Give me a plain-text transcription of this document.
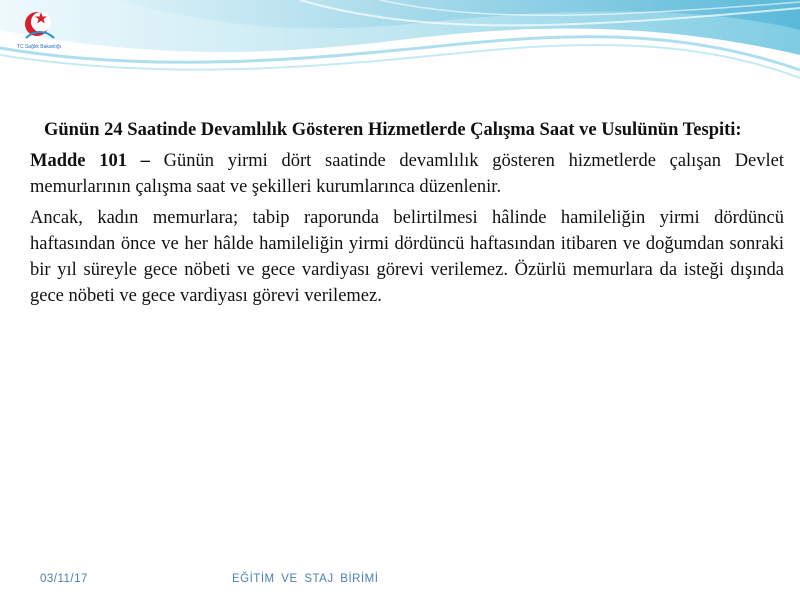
TC Sağlık Bakanlığı

Günün 24 Saatinde Devamlılık Gösteren Hizmetlerde Çalışma Saat ve Usulünün Tespiti:

Madde 101 – Günün yirmi dört saatinde devamlılık gösteren hizmetlerde çalışan Devlet memurlarının çalışma saat ve şekilleri kurumlarınca düzenlenir.

Ancak, kadın memurlara; tabip raporunda belirtilmesi hâlinde hamileliğin yirmi dördüncü haftasından önce ve her hâlde hamileliğin yirmi dördüncü haftasından itibaren ve doğumdan sonraki bir yıl süreyle gece nöbeti ve gece vardiyası görevi verilemez. Özürlü memurlara da isteği dışında gece nöbeti ve gece vardiyası görevi verilemez.

03/11/17	EĞİTİM VE STAJ BİRİMİ
